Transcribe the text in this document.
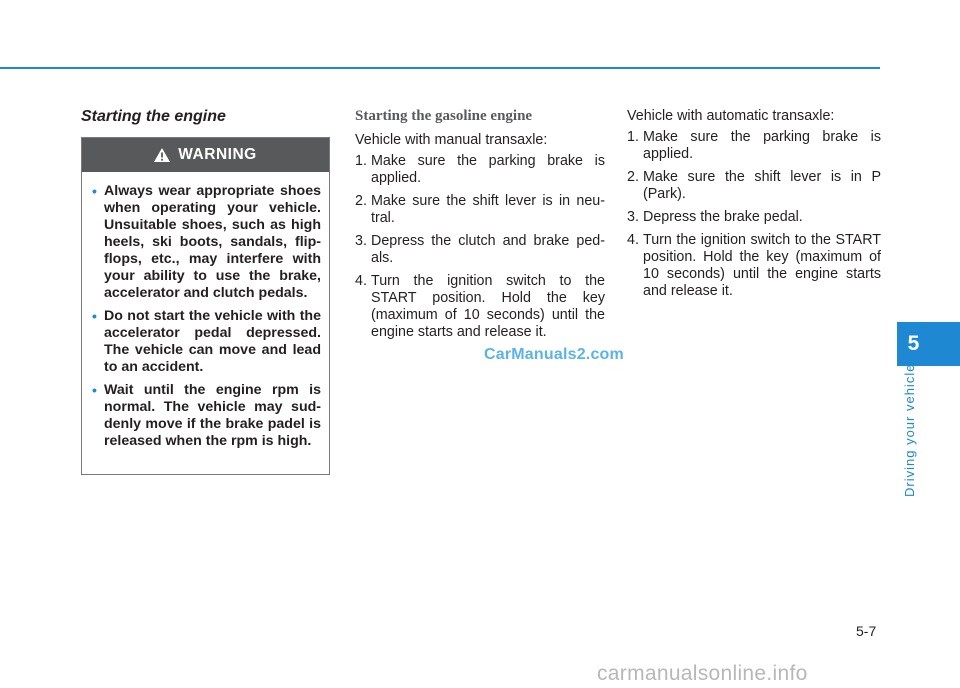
Starting the engine
WARNING
• Always wear appropriate shoes when operating your vehicle. Unsuitable shoes, such as high heels, ski boots, sandals, flip-flops, etc., may interfere with your ability to use the brake, accelerator and clutch pedals.
• Do not start the vehicle with the accelerator pedal depressed. The vehicle can move and lead to an accident.
• Wait until the engine rpm is normal. The vehicle may sud-denly move if the brake padel is released when the rpm is high.
Starting the gasoline engine

Vehicle with manual transaxle:

1. Make sure the parking brake is applied.
2. Make sure the shift lever is in neu-tral.
3. Depress the clutch and brake ped-als.
4. Turn the ignition switch to the START position. Hold the key (maximum of 10 seconds) until the engine starts and release it.

Vehicle with automatic transaxle:

1. Make sure the parking brake is applied.
2. Make sure the shift lever is in P (Park).
3. Depress the brake pedal.
4. Turn the ignition switch to the START position. Hold the key (maximum of 10 seconds) until the engine starts and release it.
CarManuals2.com	5
Driving your vehicle
5-7
carmanualsonline.info
